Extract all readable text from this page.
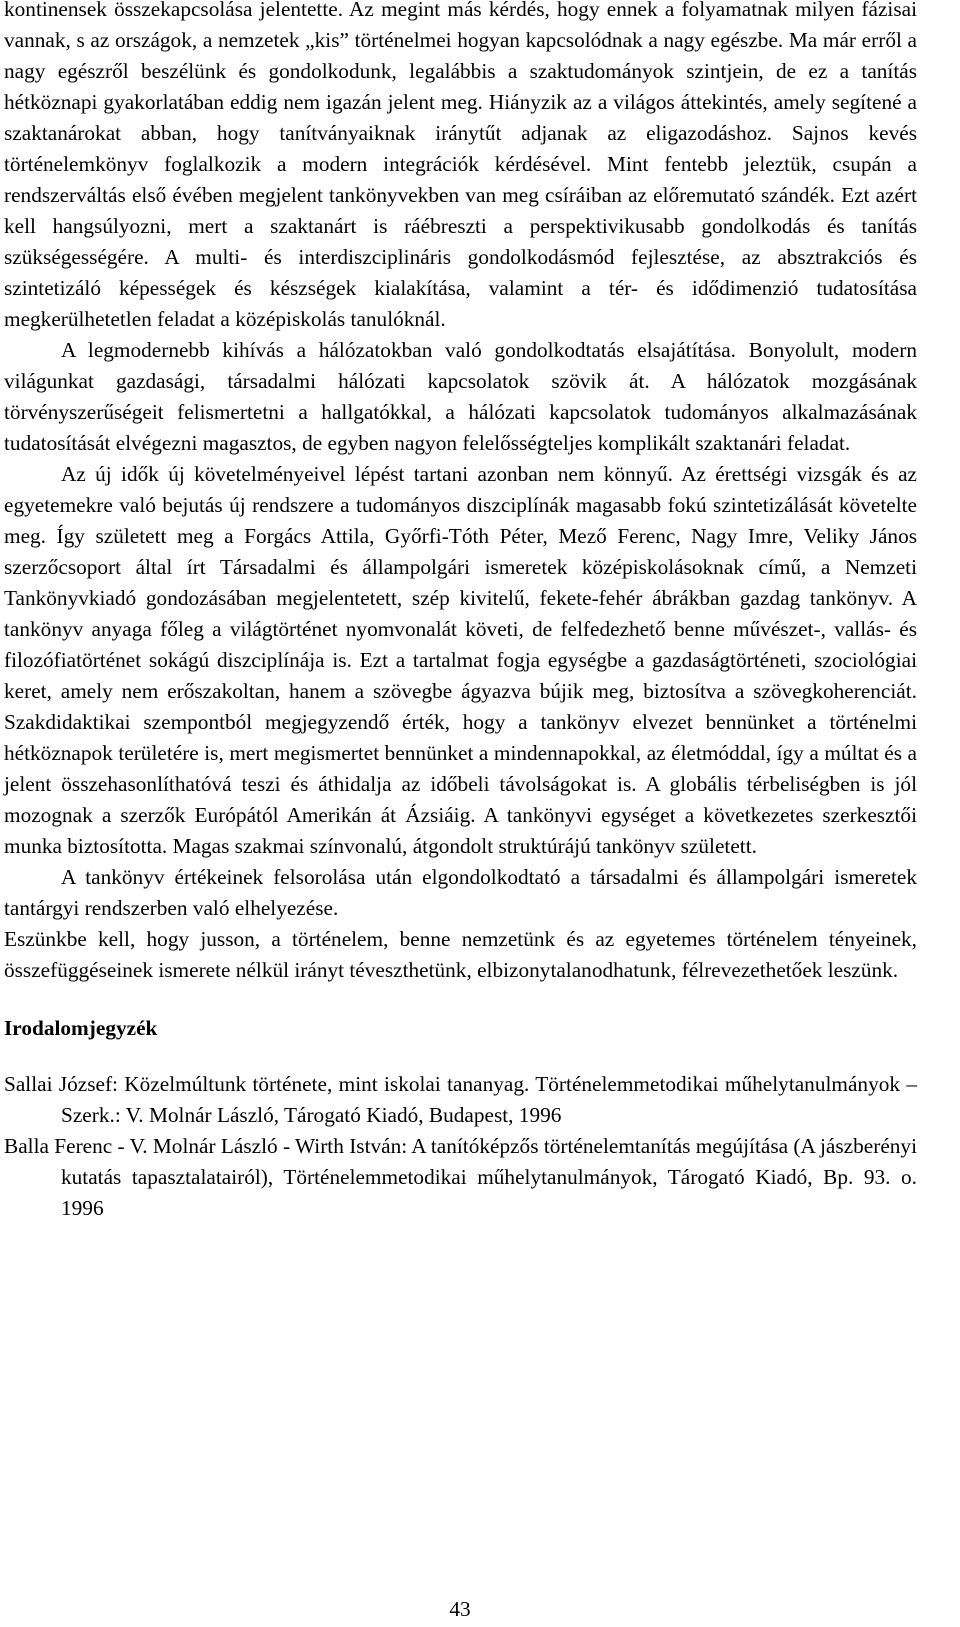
kontinensek összekapcsolása jelentette. Az megint más kérdés, hogy ennek a folyamatnak milyen fázisai vannak, s az országok, a nemzetek „kis” történelmei hogyan kapcsolódnak a nagy egészbe. Ma már erről a nagy egészről beszélünk és gondolkodunk, legalábbis a szaktudományok szintjein, de ez a tanítás hétköznapi gyakorlatában eddig nem igazán jelent meg. Hiányzik az a világos áttekintés, amely segítené a szaktanárokat abban, hogy tanítványaiknak iránytűt adjanak az eligazodáshoz. Sajnos kevés történelemkönyv foglalkozik a modern integrációk kérdésével. Mint fentebb jeleztük, csupán a rendszerváltás első évében megjelent tankönyvekben van meg csíráiban az előremutató szándék. Ezt azért kell hangsúlyozni, mert a szaktanárt is ráébreszti a perspektivikusabb gondolkodás és tanítás szükségességére. A multi- és interdiszciplináris gondolkodásmód fejlesztése, az absztrakciós és szintetizáló képességek és készségek kialakítása, valamint a tér- és idődimenzió tudatosítása megkerülhetetlen feladat a középiskolás tanulóknál.

A legmodernebb kihívás a hálózatokban való gondolkodtatás elsajátítása. Bonyolult, modern világunkat gazdasági, társadalmi hálózati kapcsolatok szövik át. A hálózatok mozgásának törvényszerűségeit felismertetni a hallgatókkal, a hálózati kapcsolatok tudományos alkalmazásának tudatosítását elvégezni magasztos, de egyben nagyon felelősségteljes komplikált szaktanári feladat.

Az új idők új követelményeivel lépést tartani azonban nem könnyű. Az érettségi vizsgák és az egyetemekre való bejutás új rendszere a tudományos diszciplínák magasabb fokú szintetizálását követelte meg. Így született meg a Forgács Attila, Győrfi-Tóth Péter, Mező Ferenc, Nagy Imre, Veliky János szerzőcsoport által írt Társadalmi és állampolgári ismeretek középiskolásoknak című, a Nemzeti Tankönyvkiadó gondozásában megjelentetett, szép kivitelű, fekete-fehér ábrákban gazdag tankönyv. A tankönyv anyaga főleg a világtörténet nyomvonalát követi, de felfedezhető benne művészet-, vallás- és filozófiatörténet sokágú diszciplínája is. Ezt a tartalmat fogja egységbe a gazdaságtörténeti, szociológiai keret, amely nem erőszakoltan, hanem a szövegbe ágyazva bújik meg, biztosítva a szövegkoherenciát. Szakdidaktikai szempontból megjegyzendő érték, hogy a tankönyv elvezet bennünket a történelmi hétköznapok területére is, mert megismertet bennünket a mindennapokkal, az életmóddal, így a múltat és a jelent összehasonlíthatóvá teszi és áthidalja az időbeli távolságokat is. A globális térbeliségben is jól mozognak a szerzők Európától Amerikán át Ázsiáig. A tankönyvi egységet a következetes szerkesztői munka biztosította. Magas szakmai színvonalú, átgondolt struktúrájú tankönyv született.

A tankönyv értékeinek felsorolása után elgondolkodtató a társadalmi és állampolgári ismeretek tantárgyi rendszerben való elhelyezése.

Eszünkbe kell, hogy jusson, a történelem, benne nemzetünk és az egyetemes történelem tényeinek, összefüggéseinek ismerete nélkül irányt téveszthetünk, elbizonytalanodhatunk, félrevezethetőek leszünk.

Irodalomjegyzék

Sallai József: Közelmúltunk története, mint iskolai tananyag. Történelemmetodikai műhelytanulmányok – Szerk.: V. Molnár László, Tárogató Kiadó, Budapest, 1996

Balla Ferenc - V. Molnár László - Wirth István: A tanítóképzős történelemtanítás megújítása (A jászberényi kutatás tapasztalatairól), Történelemmetodikai műhelytanulmányok, Tárogató Kiadó, Bp. 93. o. 1996

43
